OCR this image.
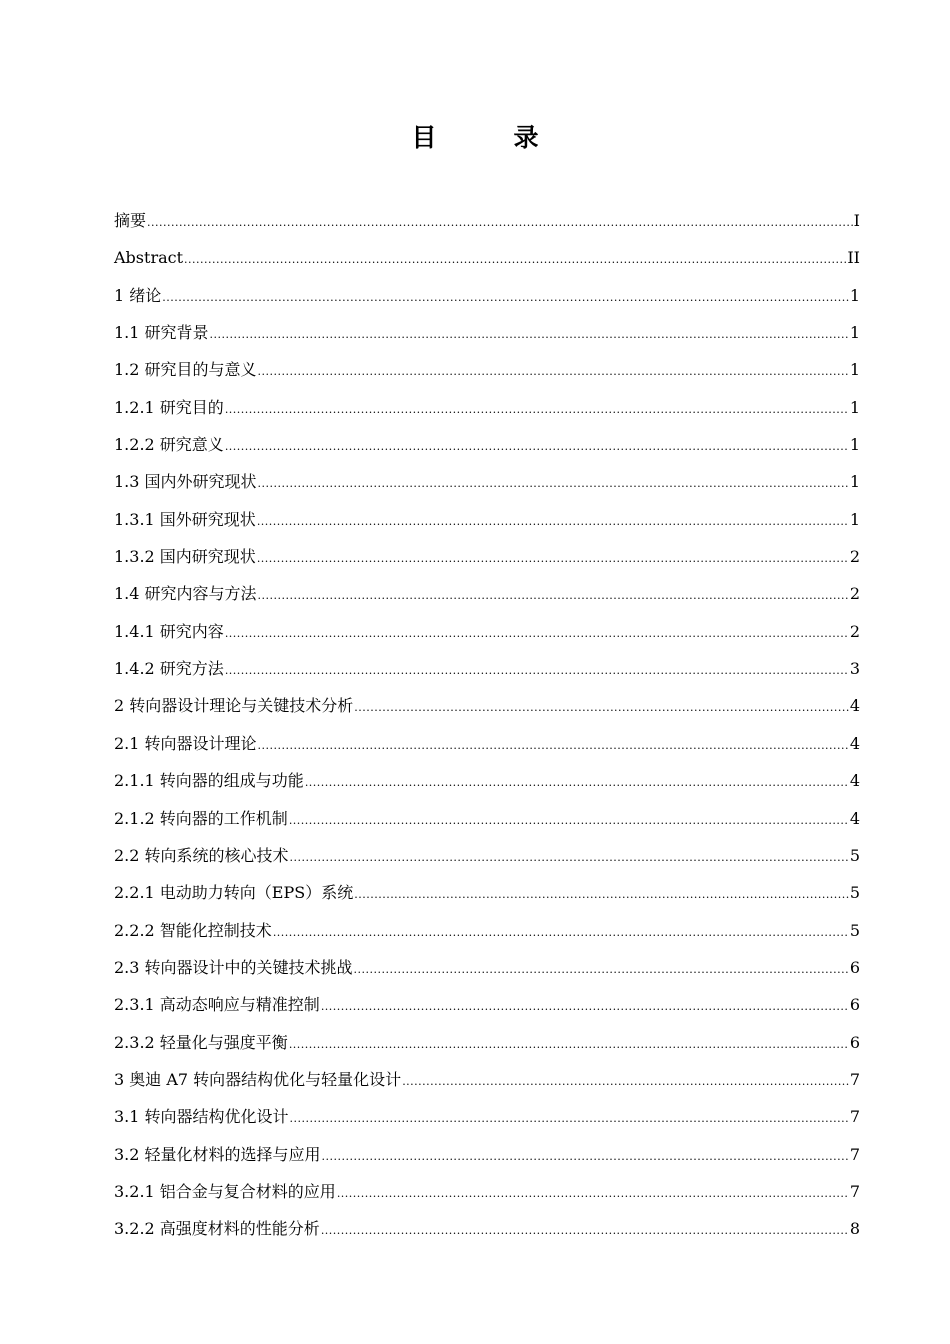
目　录
摘要 .....	I
Abstract .....	II
1 绪论 .....	1
1.1 研究背景 .....	1
1.2 研究目的与意义 .....	1
1.2.1 研究目的 .....	1
1.2.2 研究意义 .....	1
1.3 国内外研究现状 .....	1
1.3.1 国外研究现状 .....	1
1.3.2 国内研究现状 .....	2
1.4 研究内容与方法 .....	2
1.4.1 研究内容 .....	2
1.4.2 研究方法 .....	3
2 转向器设计理论与关键技术分析 .....	4
2.1 转向器设计理论 .....	4
2.1.1 转向器的组成与功能 .....	4
2.1.2 转向器的工作机制 .....	4
2.2 转向系统的核心技术 .....	5
2.2.1 电动助力转向（EPS）系统 .....	5
2.2.2 智能化控制技术 .....	5
2.3 转向器设计中的关键技术挑战 .....	6
2.3.1 高动态响应与精准控制 .....	6
2.3.2 轻量化与强度平衡 .....	6
3 奥迪 A7 转向器结构优化与轻量化设计 .....	7
3.1 转向器结构优化设计 .....	7
3.2 轻量化材料的选择与应用 .....	7
3.2.1 铝合金与复合材料的应用 .....	7
3.2.2 高强度材料的性能分析 .....	8
